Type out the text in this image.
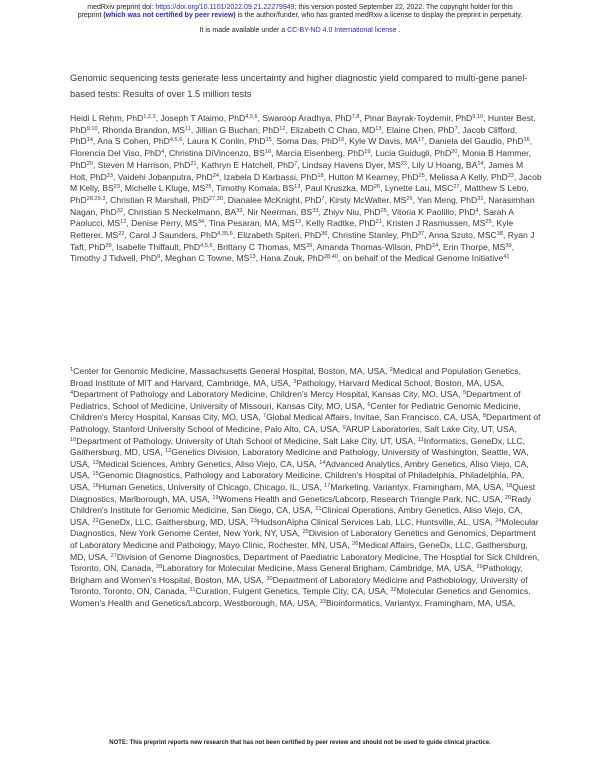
medRxiv preprint doi: https://doi.org/10.1101/2022.09.21.22279949; this version posted September 22, 2022. The copyright holder for this
preprint (which was not certified by peer review) is the author/funder, who has granted medRxiv a license to display the preprint in perpetuity.
It is made available under a CC-BY-ND 4.0 International license .
Genomic sequencing tests generate less uncertainty and higher diagnostic yield compared to multi-gene panel-based tests: Results of over 1.5 million tests
Heidi L Rehm, PhD$^{1,2,3}$, Joseph T Alaimo, PhD$^{4,5,6}$, Swaroop Aradhya, PhD$^{7,8}$, Pinar Bayrak-Toydemir, PhD$^{9,10}$, Hunter Best, PhD$^{9,10}$, Rhonda Brandon, MS$^{11}$, Jillian G Buchan, PhD$^{12}$, Elizabeth C Chao, MD$^{13}$, Elaine Chen, PhD$^7$, Jacob Clifford, PhD$^{14}$, Ana S Cohen, PhD$^{4,5,6}$, Laura K Conlin, PhD$^{15}$, Soma Das, PhD$^{16}$, Kyle W Davis, MA$^{17}$, Daniela del Gaudio, PhD$^{16}$, Florencia Del Viso, PhD$^4$, Christina DiVincenzo, BS$^{18}$, Marcia Eisenberg, PhD$^{19}$, Lucia Guidugli, PhD$^{20}$, Monia B Hammer, PhD$^{20}$, Steven M Harrison, PhD$^{21}$, Kathryn E Hatchell, PhD$^7$, Lindsay Havens Dyer, MS$^{22}$, Lily U Hoang, BA$^{14}$, James M Holt, PhD$^{23}$, Vaidehi Jobanputra, PhD$^{24}$, Izabela D Karbassi, PhD$^{18}$, Hutton M Kearney, PhD$^{25}$, Melissa A Kelly, PhD$^{23}$, Jacob M Kelly, BS$^{23}$, Michelle L Kluge, MS$^{25}$, Timothy Komala, BS$^{13}$, Paul Kruszka, MD$^{26}$, Lynette Lau, MSC$^{27}$, Matthew S Lebo, PhD$^{28,29,3}$, Christian R Marshall, PhD$^{27,30}$, Dianalee McKnight, PhD$^7$, Kirsty McWalter, MS$^{26}$, Yan Meng, PhD$^{31}$, Narasimhan Nagan, PhD$^{32}$, Christian S Neckelmann, BA$^{33}$, Nir Neerman, BS$^{33}$, Zhiyv Niu, PhD$^{25}$, Vitoria K Paolillo, PhD$^4$, Sarah A Paolucci, MS$^{12}$, Denise Perry, MS$^{34}$, Tina Pesaran, MA, MS$^{13}$, Kelly Radtke, PhD$^{21}$, Kristen J Rasmussen, MS$^{25}$, Kyle Retterer, MS$^{22}$, Carol J Saunders, PhD$^{4,35,6}$, Elizabeth Spiteri, PhD$^{36}$, Christine Stanley, PhD$^{37}$, Anna Szuto, MSC$^{38}$, Ryan J Taft, PhD$^{39}$, Isabelle Thiffault, PhD$^{4,5,6}$, Brittany C Thomas, MS$^{39}$, Amanda Thomas-Wilson, PhD$^{24}$, Erin Thorpe, MS$^{39}$, Timothy J Tidwell, PhD$^9$, Meghan C Towne, MS$^{13}$, Hana Zouk, PhD$^{28,40}$, on behalf of the Medical Genome Initiative$^{41}$
$^1$Center for Genomic Medicine, Massachusetts General Hospital, Boston, MA, USA, $^2$Medical and Population Genetics, Broad Institute of MIT and Harvard, Cambridge, MA, USA, $^3$Pathology, Harvard Medical School, Boston, MA, USA, $^4$Department of Pathology and Laboratory Medicine, Children's Mercy Hospital, Kansas City, MO, USA, $^5$Department of Pediatrics, School of Medicine, University of Missouri, Kansas City, MO, USA, $^6$Center for Pediatric Genomic Medicine, Children's Mercy Hospital, Kansas City, MO, USA, $^7$Global Medical Affairs, Invitae, San Francisco, CA, USA, $^8$Department of Pathology, Stanford University School of Medicine, Palo Alto, CA, USA, $^9$ARUP Laboratories, Salt Lake City, UT, USA, $^{10}$Department of Pathology, University of Utah School of Medicine, Salt Lake City, UT, USA, $^{11}$Informatics, GeneDx, LLC, Gaithersburg, MD, USA, $^{12}$Genetics Division, Laboratory Medicine and Pathology, University of Washington, Seattle, WA, USA, $^{13}$Medical Sciences, Ambry Genetics, Aliso Viejo, CA, USA, $^{14}$Advanced Analytics, Ambry Genetics, Aliso Viejo, CA, USA, $^{15}$Genomic Diagnostics, Pathology and Laboratory Medicine, Children's Hospital of Philadelphia, Philadelphia, PA, USA, $^{16}$Human Genetics, University of Chicago, Chicago, IL, USA, $^{17}$Marketing, Variantyx, Framingham, MA, USA, $^{18}$Quest Diagnostics, Marlborough, MA, USA, $^{19}$Womens Health and Genetics/Labcorp, Research Triangle Park, NC, USA, $^{20}$Rady Children's Institute for Genomic Medicine, San Diego, CA, USA, $^{21}$Clinical Operations, Ambry Genetics, Aliso Viejo, CA, USA, $^{22}$GeneDx, LLC, Gaithersburg, MD, USA, $^{23}$HudsonAlpha Clinical Services Lab, LLC, Huntsville, AL, USA, $^{24}$Molecular Diagnostics, New York Genome Center, New York, NY, USA, $^{25}$Division of Laboratory Genetics and Genomics, Department of Laboratory Medicine and Pathology, Mayo Clinic, Rochester, MN, USA, $^{26}$Medical Affairs, GeneDx, LLC, Gaithersburg, MD, USA, $^{27}$Division of Genome Diagnostics, Department of Paediatric Laboratory Medicine, The Hosptial for Sick Children, Toronto, ON, Canada, $^{28}$Laboratory for Molecular Medicine, Mass General Brigham, Cambridge, MA, USA, $^{29}$Pathology, Brigham and Women's Hospital, Boston, MA, USA, $^{30}$Department of Laboratory Medicine and Pathobiology, University of Toronto, Toronto, ON, Canada, $^{31}$Curation, Fulgent Genetics, Temple City, CA, USA, $^{32}$Molecular Genetics and Genomics, Women's Health and Genetics/Labcorp, Westborough, MA, USA, $^{33}$Bioinformatics, Variantyx, Framingham, MA, USA,
NOTE: This preprint reports new research that has not been certified by peer review and should not be used to guide clinical practice.
